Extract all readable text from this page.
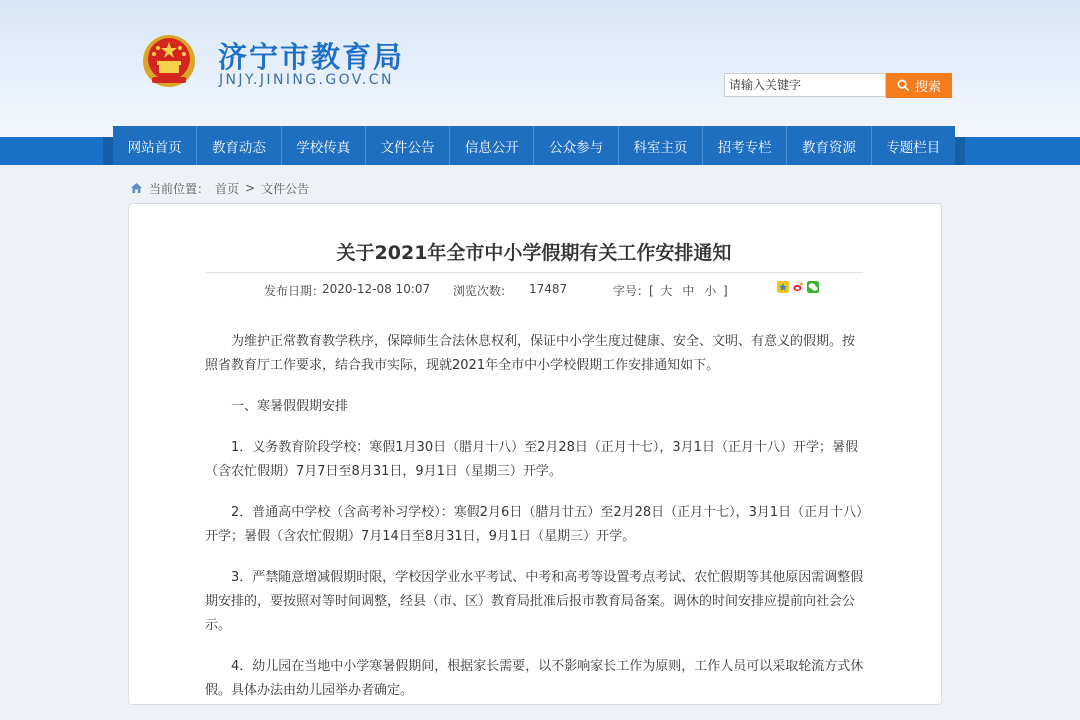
济宁市教育局
JNJY.JINING.GOV.CN
请输入关键字	搜索
网站首页	教育动态	学校传真	文件公告	信息公开	公众参与	科室主页	招考专栏	教育资源	专题栏目
当前位置： 首页 > 文件公告
关于2021年全市中小学假期有关工作安排通知
发布日期：
2020-12-08 10:07 浏览次数: 17487	字号：[ 大 中 小 ]

为维护正常教育教学秩序，保障师生合法休息权利，保证中小学生度过健康、安全、文明、有意义的假期。按照省教育厅工作要求，结合我市实际，现就2021年全市中小学校假期工作安排通知如下。

一、寒暑假假期安排

1．义务教育阶段学校：寒假1月30日（腊月十八）至2月28日（正月十七），3月1日（正月十八）开学；暑假（含农忙假期）7月7日至8月31日，9月1日（星期三）开学。

2．普通高中学校（含高考补习学校）：寒假2月6日（腊月廿五）至2月28日（正月十七），3月1日（正月十八）开学；暑假（含农忙假期）7月14日至8月31日，9月1日（星期三）开学。

3．严禁随意增减假期时限，学校因学业水平考试、中考和高考等设置考点考试、农忙假期等其他原因需调整假期安排的，要按照对等时间调整，经县（市、区）教育局批准后报市教育局备案。调休的时间安排应提前向社会公示。

4．幼儿园在当地中小学寒暑假期间，根据家长需要，以不影响家长工作为原则，工作人员可以采取轮流方式休假。具体办法由幼儿园举办者确定。
